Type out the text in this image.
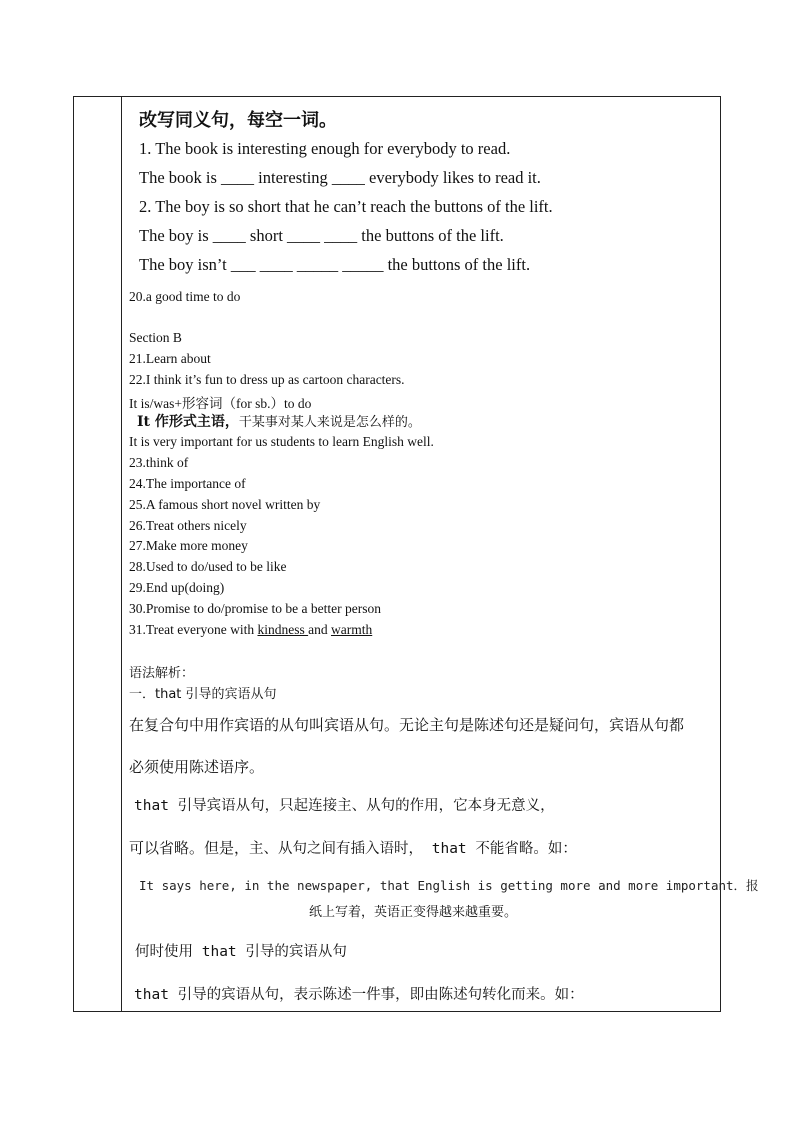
改写同义句，每空一词。
1. The book is interesting enough for everybody to read.
The book is ____ interesting ____ everybody likes to read it.
2. The boy is so short that he can’t reach the buttons of the lift.
The boy is ____ short ____ ____ the buttons of the lift.
The boy isn’t ___ ____ _____ _____ the buttons of the lift.
20.a good time to do
Section B
21.Learn about
22.I think it’s fun to dress up as cartoon characters.
It is/was+形容词（for sb.）to do
It 作形式主语，干某事对某人来说是怎么样的。
It is very important for us students to learn English well.
23.think of
24.The importance of
25.A famous short novel written by
26.Treat others nicely
27.Make more money
28.Used to do/used to be like
29.End up(doing)
30.Promise to do/promise to be a better person
31.Treat everyone with kindness and warmth
语法解析：
一．that 引导的宾语从句
在复合句中用作宾语的从句叫宾语从句。无论主句是陈述句还是疑问句，宾语从句都
必须使用陈述语序。
that 引导宾语从句，只起连接主、从句的作用，它本身无意义，
可以省略。但是，主、从句之间有插入语时， that 不能省略。如：
It says here, in the newspaper, that English is getting more and more important．报
纸上写着，英语正变得越来越重要。
何时使用 that 引导的宾语从句
that 引导的宾语从句，表示陈述一件事，即由陈述句转化而来。如：
